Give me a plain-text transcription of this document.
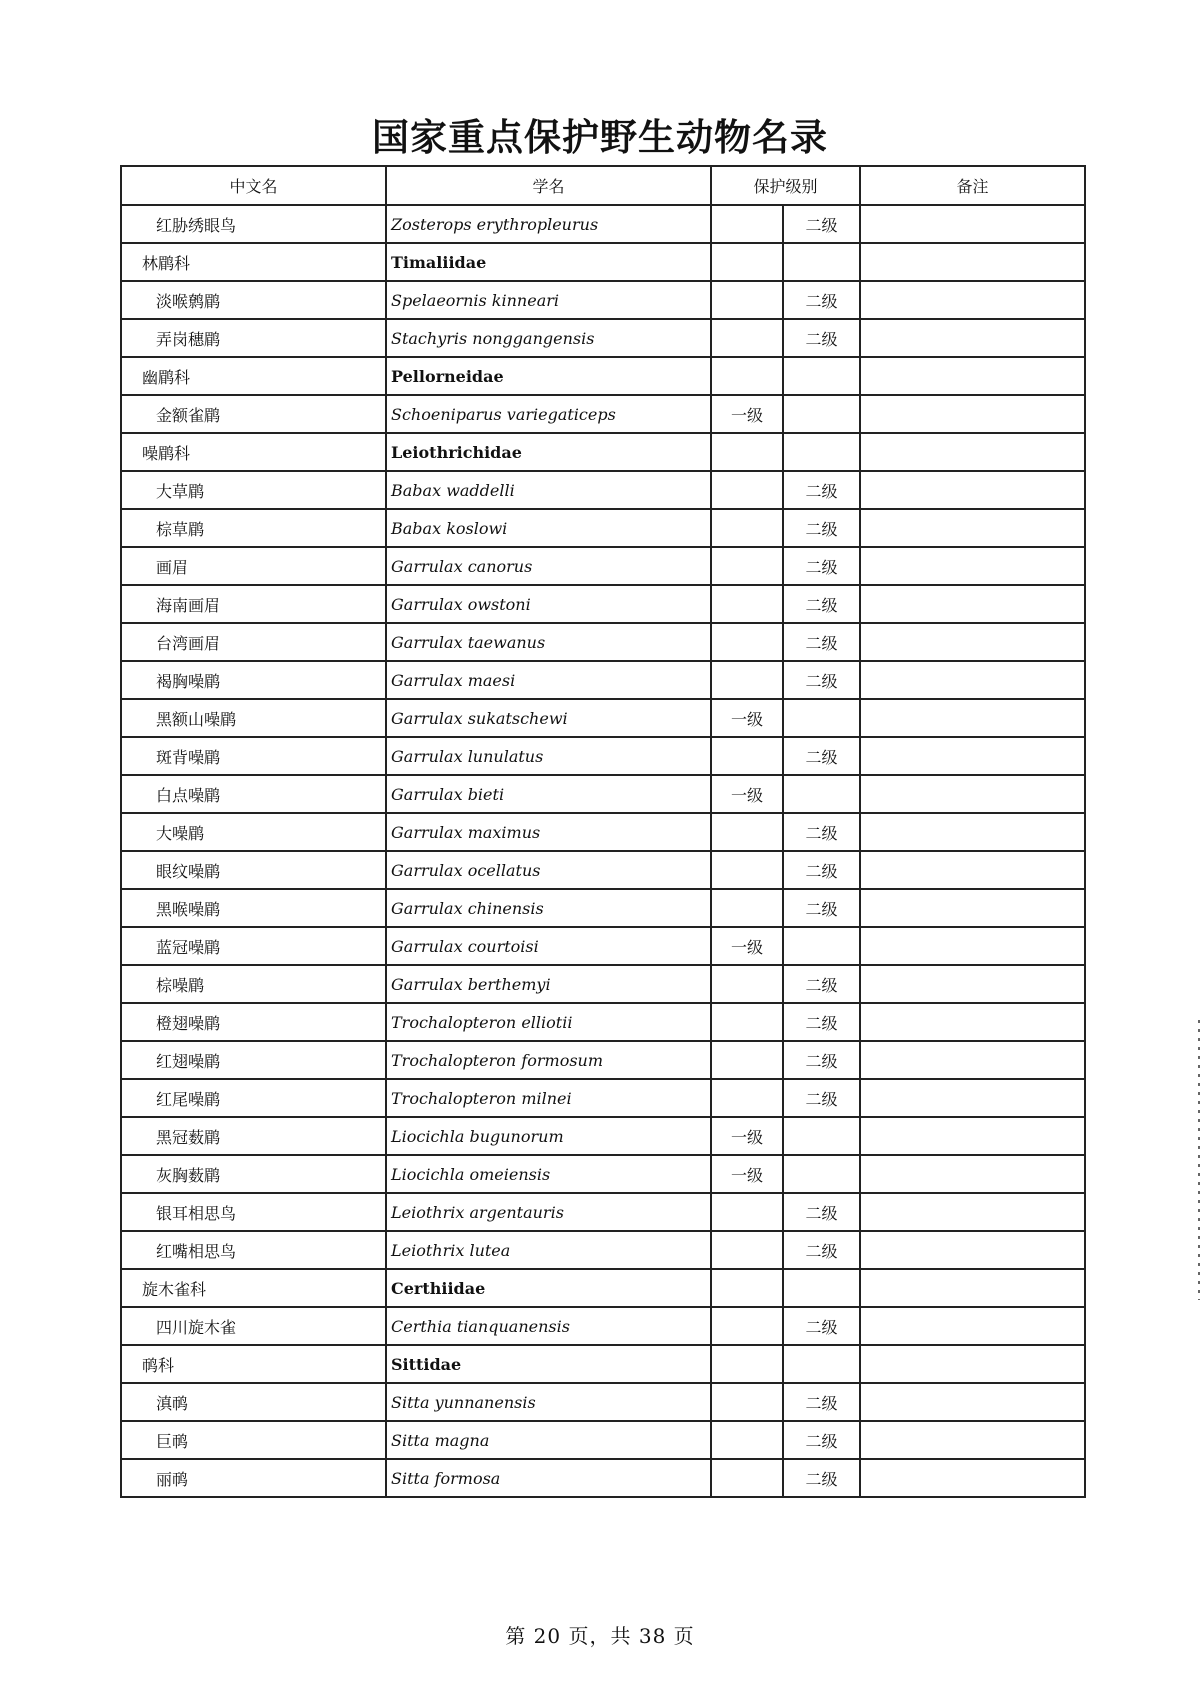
国家重点保护野生动物名录
中文名	学名	保护级别		备注
红胁绣眼鸟	Zosterops erythropleurus		二级	
林鹛科	Timaliidae			
淡喉鹩鹛	Spelaeornis kinneari		二级	
弄岗穗鹛	Stachyris nonggangensis		二级	
幽鹛科	Pellorneidae			
金额雀鹛	Schoeniparus variegaticeps	一级		
噪鹛科	Leiothrichidae			
大草鹛	Babax waddelli		二级	
棕草鹛	Babax koslowi		二级	
画眉	Garrulax canorus		二级	
海南画眉	Garrulax owstoni		二级	
台湾画眉	Garrulax taewanus		二级	
褐胸噪鹛	Garrulax maesi		二级	
黑额山噪鹛	Garrulax sukatschewi	一级		
斑背噪鹛	Garrulax lunulatus		二级	
白点噪鹛	Garrulax bieti	一级		
大噪鹛	Garrulax maximus		二级	
眼纹噪鹛	Garrulax ocellatus		二级	
黑喉噪鹛	Garrulax chinensis		二级	
蓝冠噪鹛	Garrulax courtoisi	一级		
棕噪鹛	Garrulax berthemyi		二级	
橙翅噪鹛	Trochalopteron elliotii		二级	
红翅噪鹛	Trochalopteron formosum		二级	
红尾噪鹛	Trochalopteron milnei		二级	
黑冠薮鹛	Liocichla bugunorum	一级		
灰胸薮鹛	Liocichla omeiensis	一级		
银耳相思鸟	Leiothrix argentauris		二级	
红嘴相思鸟	Leiothrix lutea		二级	
旋木雀科	Certhiidae			
四川旋木雀	Certhia tianquanensis		二级	
䴓科	Sittidae			
滇䴓	Sitta yunnanensis		二级	
巨䴓	Sitta magna		二级	
丽䴓	Sitta formosa		二级	
第 20 页，共 38 页
